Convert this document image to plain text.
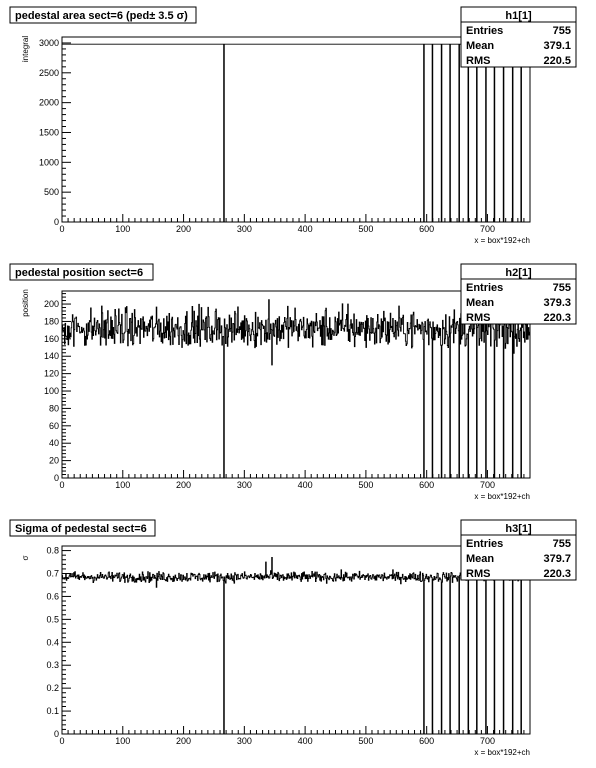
0	100	200	300	400	500	600	700
x = box*192+ch
0
500
1000
1500
2000
2500
3000
integral
pedestal area sect=6 (ped± 3.5 σ)	h1[1]
Entries	755
Mean	379.1
RMS	220.5
0	100	200	300	400	500	600	700
x = box*192+ch
0
20
40
60
80
100
120
140
160
180
200
position
pedestal position sect=6	h2[1]
Entries	755
Mean	379.3
RMS	220.3
0	100	200	300	400	500	600	700
x = box*192+ch
0
0.1
0.2
0.3
0.4
0.5
0.6
0.7
0.8
σ
Sigma of pedestal sect=6	h3[1]
Entries	755
Mean	379.7
RMS	220.3
